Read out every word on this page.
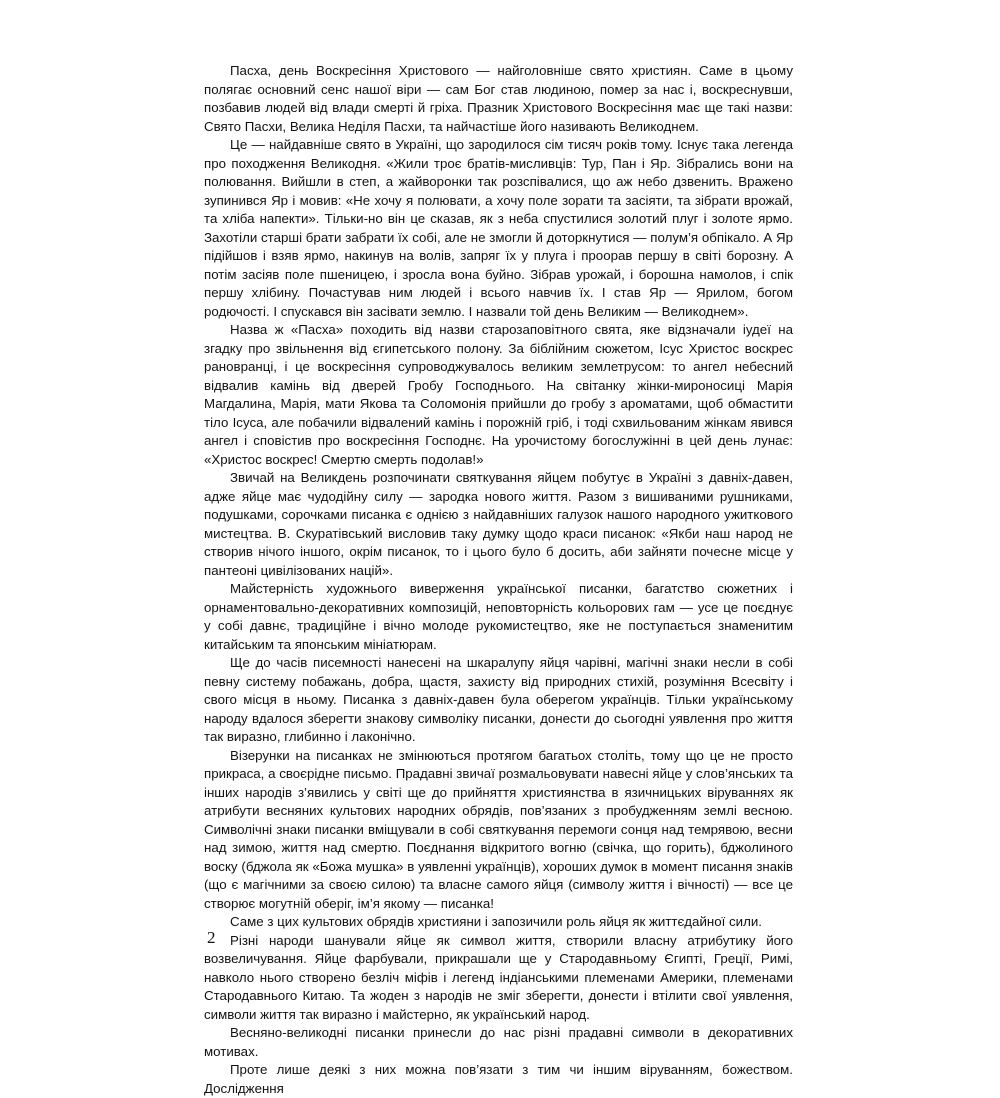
Пасха, день Воскресіння Христового — найголовніше свято християн. Саме в цьому полягає основний сенс нашої віри — сам Бог став людиною, помер за нас і, воскреснувши, позбавив людей від влади смерті й гріха. Празник Христового Воскресіння має ще такі назви: Свято Пасхи, Велика Неділя Пасхи, та найчастіше його називають Великоднем.

Це — найдавніше свято в Україні, що зародилося сім тисяч років тому. Існує така легенда про походження Великодня. «Жили троє братів-мисливців: Тур, Пан і Яр. Зібрались вони на полювання. Вийшли в степ, а жайворонки так розспівалися, що аж небо дзвенить. Вражено зупинився Яр і мовив: «Не хочу я полювати, а хочу поле зорати та засіяти, та зібрати врожай, та хліба напекти». Тільки-но він це сказав, як з неба спустилися золотий плуг і золоте ярмо. Захотіли старші брати забрати їх собі, але не змогли й доторкнутися — полум’я обпікало. А Яр підійшов і взяв ярмо, накинув на волів, запряг їх у плуга і проорав першу в світі борозну. А потім засіяв поле пшеницею, і зросла вона буйно. Зібрав урожай, і борошна намолов, і спік першу хлібину. Почастував ним людей і всього навчив їх. І став Яр — Ярилом, богом родючості. І спускався він засівати землю. І назвали той день Великим — Великоднем».

Назва ж «Пасха» походить від назви старозаповітного свята, яке відзначали іудеї на згадку про звільнення від єгипетського полону. За біблійним сюжетом, Ісус Христос воскрес рановранці, і це воскресіння супроводжувалось великим землетрусом: то ангел небесний відвалив камінь від дверей Гробу Господнього. На світанку жінки-мироносиці Марія Магдалина, Марія, мати Якова та Соломонія прийшли до гробу з ароматами, щоб обмастити тіло Ісуса, але побачили відвалений камінь і порожній гріб, і тоді схвильованим жінкам явився ангел і сповістив про воскресіння Господнє. На урочистому богослужінні в цей день лунає: «Христос воскрес! Смертю смерть подолав!»

Звичай на Великдень розпочинати святкування яйцем побутує в Україні з давніх-давен, адже яйце має чудодійну силу — зародка нового життя. Разом з вишиваними рушниками, подушками, сорочками писанка є однією з найдавніших галузок нашого народного ужиткового мистецтва. В. Скуратівський висловив таку думку щодо краси писанок: «Якби наш народ не створив нічого іншого, окрім писанок, то і цього було б досить, аби зайняти почесне місце у пантеоні цивілізованих націй».

Майстерність художнього виверження української писанки, багатство сюжетних і орнаментовально-декоративних композицій, неповторність кольорових гам — усе це поєднує у собі давнє, традиційне і вічно молоде рукомистецтво, яке не поступається знаменитим китайським та японським мініатюрам.

Ще до часів писемності нанесені на шкаралупу яйця чарівні, магічні знаки несли в собі певну систему побажань, добра, щастя, захисту від природних стихій, розуміння Всесвіту і свого місця в ньому. Писанка з давніх-давен була оберегом українців. Тільки українському народу вдалося зберегти знакову символіку писанки, донести до сьогодні уявлення про життя так виразно, глибинно і лаконічно.

Візерунки на писанках не змінюються протягом багатьох століть, тому що це не просто прикраса, а своєрідне письмо. Прадавні звичаї розмальовувати навесні яйце у слов’янських та інших народів з’явились у світі ще до прийняття християнства в язичницьких віруваннях як атрибути весняних культових народних обрядів, пов’язаних з пробудженням землі весною. Символічні знаки писанки вміщували в собі святкування перемоги сонця над темрявою, весни над зимою, життя над смертю. Поєднання відкритого вогню (свічка, що горить), бджолиного воску (бджола як «Божа мушка» в уявленні українців), хороших думок в момент писання знаків (що є магічними за своєю силою) та власне самого яйця (символу життя і вічності) — все це створює могутній оберіг, ім’я якому — писанка!

Саме з цих культових обрядів християни і запозичили роль яйця як життєдайної сили.

Різні народи шанували яйце як символ життя, створили власну атрибутику його возвеличування. Яйце фарбували, прикрашали ще у Стародавньому Єгипті, Греції, Римі, навколо нього створено безліч міфів і легенд індіанськими племенами Америки, племенами Стародавнього Китаю. Та жоден з народів не зміг зберегти, донести і втілити свої уявлення, символи життя так виразно і майстерно, як український народ.

Весняно-великодні писанки принесли до нас різні прадавні символи в декоративних мотивах.

Проте лише деякі з них можна пов’язати з тим чи іншим віруванням, божеством. Дослідження

2
